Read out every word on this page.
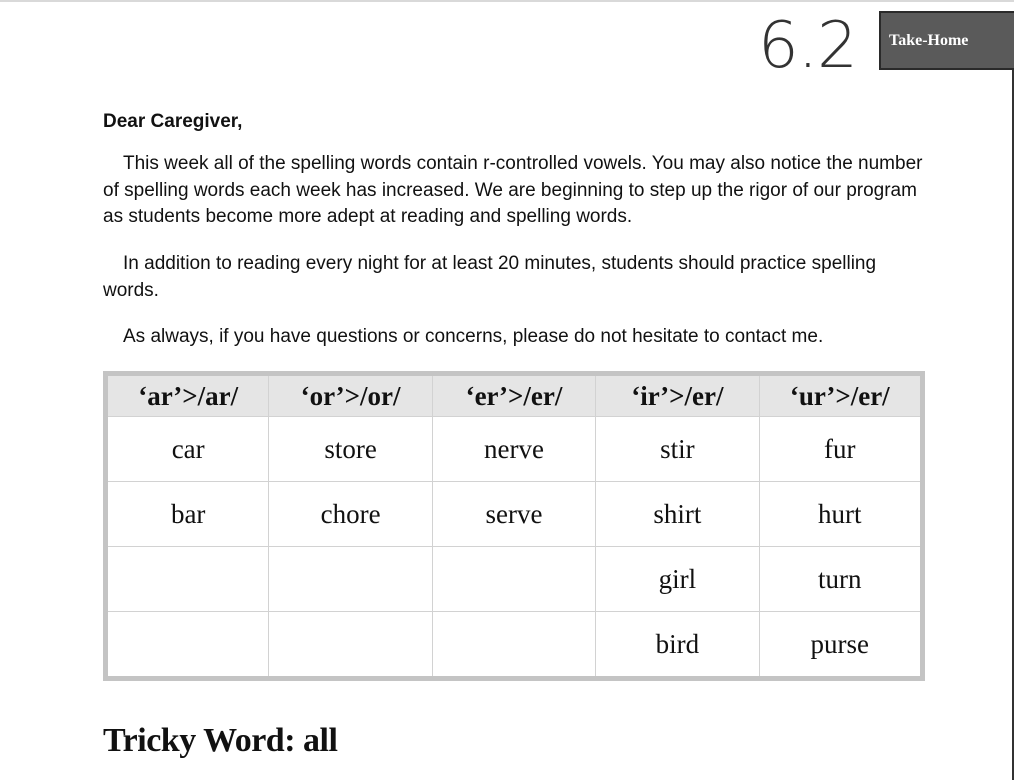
6.2	Take-Home
Dear Caregiver,

This week all of the spelling words contain r-controlled vowels. You may also notice the number of spelling words each week has increased. We are beginning to step up the rigor of our program as students become more adept at reading and spelling words.

In addition to reading every night for at least 20 minutes, students should practice spelling words.

As always, if you have questions or concerns, please do not hesitate to contact me.

‘ar’>/ar/	‘or’>/or/	‘er’>/er/	‘ir’>/er/	‘ur’>/er/
car	store	nerve	stir	fur
bar	chore	serve	shirt	hurt
			girl	turn
			bird	purse
Tricky Word: all
